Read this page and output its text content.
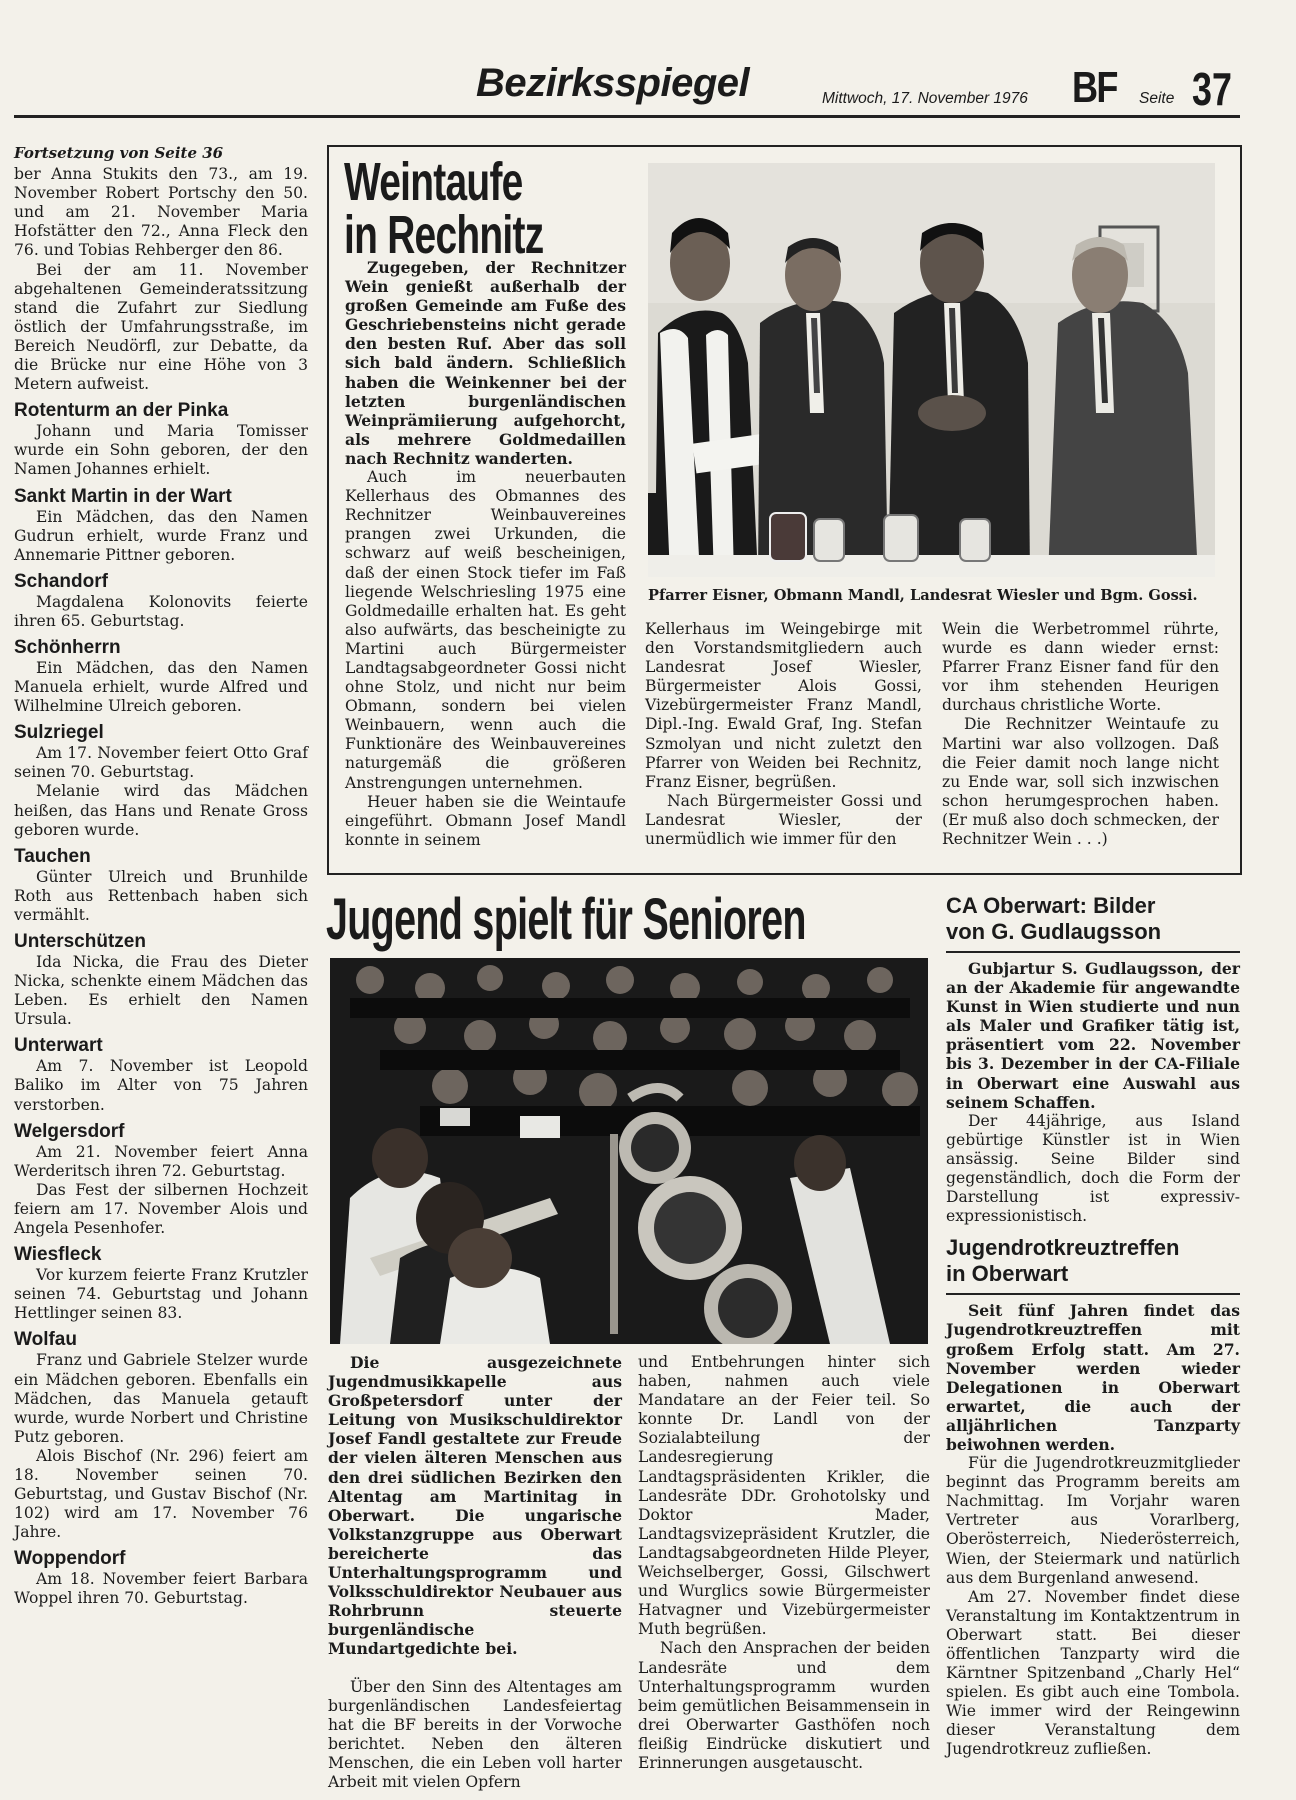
Bezirksspiegel	Mittwoch, 17. November 1976 BF Seite 37

Fortsetzung von Seite 36

ber Anna Stukits den 73., am 19. November Robert Portschy den 50. und am 21. November Maria Hofstätter den 72., Anna Fleck den 76. und Tobias Rehberger den 86.

Bei der am 11. November abgehaltenen Gemeinderatssitzung stand die Zufahrt zur Siedlung östlich der Umfahrungsstraße, im Bereich Neudörfl, zur Debatte, da die Brücke nur eine Höhe von 3 Metern aufweist.

Rotenturm an der Pinka

Johann und Maria Tomisser wurde ein Sohn geboren, der den Namen Johannes erhielt.

Sankt Martin in der Wart

Ein Mädchen, das den Namen Gudrun erhielt, wurde Franz und Annemarie Pittner geboren.

Schandorf

Magdalena Kolonovits feierte ihren 65. Geburtstag.

Schönherrn

Ein Mädchen, das den Namen Manuela erhielt, wurde Alfred und Wilhelmine Ulreich geboren.

Sulzriegel

Am 17. November feiert Otto Graf seinen 70. Geburtstag.

Melanie wird das Mädchen heißen, das Hans und Renate Gross geboren wurde.

Tauchen

Günter Ulreich und Brunhilde Roth aus Rettenbach haben sich vermählt.

Unterschützen

Ida Nicka, die Frau des Dieter Nicka, schenkte einem Mädchen das Leben. Es erhielt den Namen Ursula.

Unterwart

Am 7. November ist Leopold Baliko im Alter von 75 Jahren verstorben.

Welgersdorf

Am 21. November feiert Anna Werderitsch ihren 72. Geburtstag.

Das Fest der silbernen Hochzeit feiern am 17. November Alois und Angela Pesenhofer.

Wiesfleck

Vor kurzem feierte Franz Krutzler seinen 74. Geburtstag und Johann Hettlinger seinen 83.

Wolfau

Franz und Gabriele Stelzer wurde ein Mädchen geboren. Ebenfalls ein Mädchen, das Manuela getauft wurde, wurde Norbert und Christine Putz geboren.

Alois Bischof (Nr. 296) feiert am 18. November seinen 70. Geburtstag, und Gustav Bischof (Nr. 102) wird am 17. November 76 Jahre.

Woppendorf

Am 18. November feiert Barbara Woppel ihren 70. Geburtstag.

Weintaufe
in Rechnitz

Zugegeben, der Rechnitzer Wein genießt außerhalb der großen Gemeinde am Fuße des Geschriebensteins nicht gerade den besten Ruf. Aber das soll sich bald ändern. Schließlich haben die Weinkenner bei der letzten burgenländischen Weinprämiierung aufgehorcht, als mehrere Goldmedaillen nach Rechnitz wanderten.

Auch im neuerbauten Kellerhaus des Obmannes des Rechnitzer Weinbauvereines prangen zwei Urkunden, die schwarz auf weiß bescheinigen, daß der einen Stock tiefer im Faß liegende Welschriesling 1975 eine Goldmedaille erhalten hat. Es geht also aufwärts, das bescheinigte zu Martini auch Bürgermeister Landtagsabgeordneter Gossi nicht ohne Stolz, und nicht nur beim Obmann, sondern bei vielen Weinbauern, wenn auch die Funktionäre des Weinbauvereines naturgemäß die größeren Anstrengungen unternehmen.

Heuer haben sie die Weintaufe eingeführt. Obmann Josef Mandl konnte in seinem

Pfarrer Eisner, Obmann Mandl, Landesrat Wiesler und Bgm. Gossi.

Kellerhaus im Weingebirge mit den Vorstandsmitgliedern auch Landesrat Josef Wiesler, Bürgermeister Alois Gossi, Vizebürgermeister Franz Mandl, Dipl.-Ing. Ewald Graf, Ing. Stefan Szmolyan und nicht zuletzt den Pfarrer von Weiden bei Rechnitz, Franz Eisner, begrüßen.

Nach Bürgermeister Gossi und Landesrat Wiesler, der unermüdlich wie immer für den

Wein die Werbetrommel rührte, wurde es dann wieder ernst: Pfarrer Franz Eisner fand für den vor ihm stehenden Heurigen durchaus christliche Worte.

Die Rechnitzer Weintaufe zu Martini war also vollzogen. Daß die Feier damit noch lange nicht zu Ende war, soll sich inzwischen schon herumgesprochen haben. (Er muß also doch schmecken, der Rechnitzer Wein . . .)

Jugend spielt für Senioren

Die ausgezeichnete Jugendmusikkapelle aus Großpetersdorf unter der Leitung von Musikschuldirektor Josef Fandl gestaltete zur Freude der vielen älteren Menschen aus den drei südlichen Bezirken den Altentag am Martinitag in Oberwart. Die ungarische Volkstanzgruppe aus Oberwart bereicherte das Unterhaltungsprogramm und Volksschuldirektor Neubauer aus Rohrbrunn steuerte burgenländische Mundartgedichte bei.

Über den Sinn des Altentages am burgenländischen Landesfeiertag hat die BF bereits in der Vorwoche berichtet. Neben den älteren Menschen, die ein Leben voll harter Arbeit mit vielen Opfern

und Entbehrungen hinter sich haben, nahmen auch viele Mandatare an der Feier teil. So konnte Dr. Landl von der Sozialabteilung der Landesregierung Landtagspräsidenten Krikler, die Landesräte DDr. Grohotolsky und Doktor Mader, Landtagsvizepräsident Krutzler, die Landtagsabgeordneten Hilde Pleyer, Weichselberger, Gossi, Gilschwert und Wurglics sowie Bürgermeister Hatvagner und Vizebürgermeister Muth begrüßen.

Nach den Ansprachen der beiden Landesräte und dem Unterhaltungsprogramm wurden beim gemütlichen Beisammensein in drei Oberwarter Gasthöfen noch fleißig Eindrücke diskutiert und Erinnerungen ausgetauscht.

CA Oberwart: Bilder
von G. Gudlaugsson

Gubjartur S. Gudlaugsson, der an der Akademie für angewandte Kunst in Wien studierte und nun als Maler und Grafiker tätig ist, präsentiert vom 22. November bis 3. Dezember in der CA-Filiale in Oberwart eine Auswahl aus seinem Schaffen.

Der 44jährige, aus Island gebürtige Künstler ist in Wien ansässig. Seine Bilder sind gegenständlich, doch die Form der Darstellung ist expressiv-expressionistisch.

Jugendrotkreuztreffen
in Oberwart

Seit fünf Jahren findet das Jugendrotkreuztreffen mit großem Erfolg statt. Am 27. November werden wieder Delegationen in Oberwart erwartet, die auch der alljährlichen Tanzparty beiwohnen werden.

Für die Jugendrotkreuzmitglieder beginnt das Programm bereits am Nachmittag. Im Vorjahr waren Vertreter aus Vorarlberg, Oberösterreich, Niederösterreich, Wien, der Steiermark und natürlich aus dem Burgenland anwesend.

Am 27. November findet diese Veranstaltung im Kontaktzentrum in Oberwart statt. Bei dieser öffentlichen Tanzparty wird die Kärntner Spitzenband „Charly Hel“ spielen. Es gibt auch eine Tombola. Wie immer wird der Reingewinn dieser Veranstaltung dem Jugendrotkreuz zufließen.
